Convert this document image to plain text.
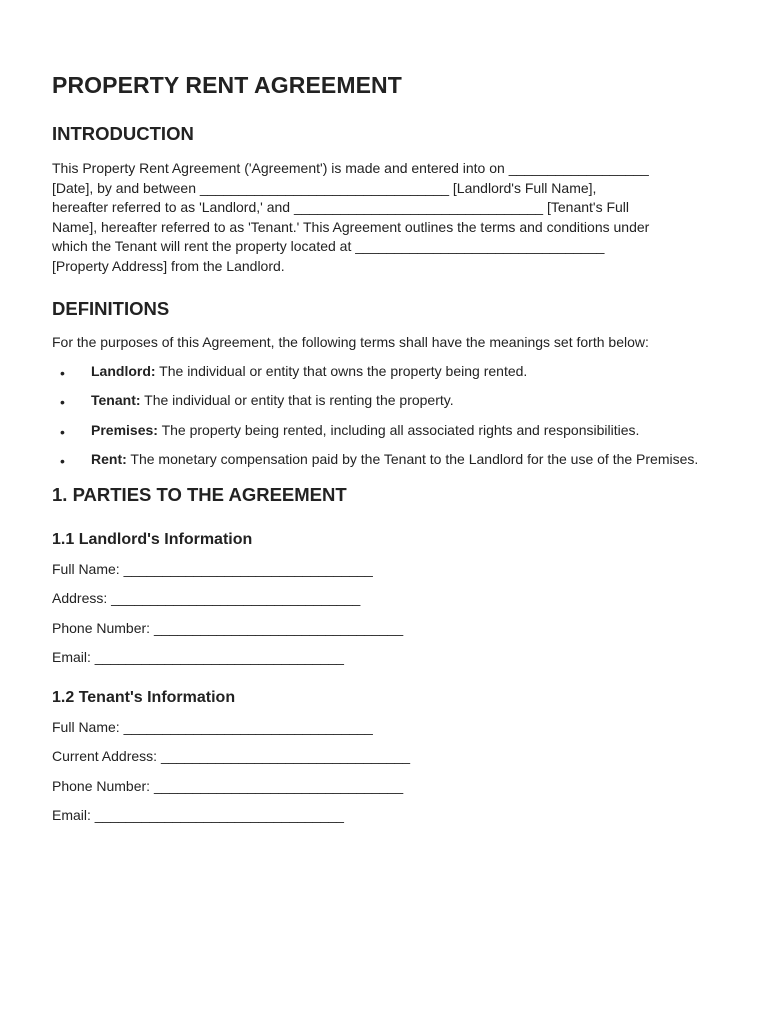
PROPERTY RENT AGREEMENT
INTRODUCTION

This Property Rent Agreement ('Agreement') is made and entered into on __________________
[Date], by and between ________________________________ [Landlord's Full Name],
hereafter referred to as 'Landlord,' and ________________________________ [Tenant's Full
Name], hereafter referred to as 'Tenant.' This Agreement outlines the terms and conditions under
which the Tenant will rent the property located at ________________________________
[Property Address] from the Landlord.

DEFINITIONS

For the purposes of this Agreement, the following terms shall have the meanings set forth below:

• Landlord: The individual or entity that owns the property being rented.
• Tenant: The individual or entity that is renting the property.
• Premises: The property being rented, including all associated rights and responsibilities.
• Rent: The monetary compensation paid by the Tenant to the Landlord for the use of the Premises.
1. PARTIES TO THE AGREEMENT
1.1 Landlord's Information

Full Name: ________________________________

Address: ________________________________

Phone Number: ________________________________

Email: ________________________________

1.2 Tenant's Information

Full Name: ________________________________

Current Address: ________________________________

Phone Number: ________________________________

Email: ________________________________
